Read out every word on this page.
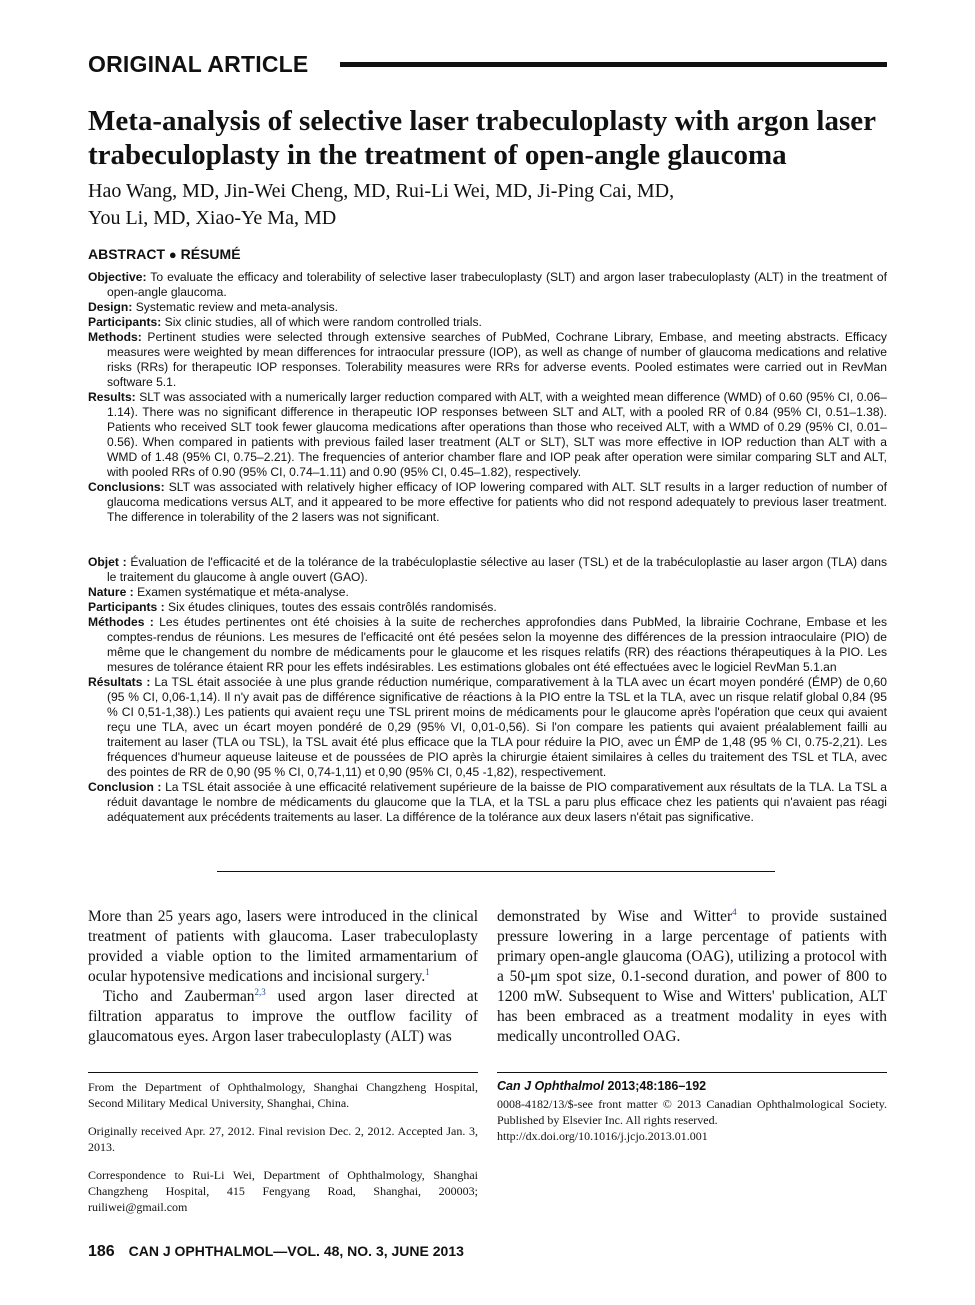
ORIGINAL ARTICLE
Meta-analysis of selective laser trabeculoplasty with argon laser trabeculoplasty in the treatment of open-angle glaucoma
Hao Wang, MD, Jin-Wei Cheng, MD, Rui-Li Wei, MD, Ji-Ping Cai, MD,
You Li, MD, Xiao-Ye Ma, MD
ABSTRACT ● RÉSUMÉ

Objective: To evaluate the efficacy and tolerability of selective laser trabeculoplasty (SLT) and argon laser trabeculoplasty (ALT) in the treatment of open-angle glaucoma.

Design: Systematic review and meta-analysis.

Participants: Six clinic studies, all of which were random controlled trials.

Methods: Pertinent studies were selected through extensive searches of PubMed, Cochrane Library, Embase, and meeting abstracts. Efficacy measures were weighted by mean differences for intraocular pressure (IOP), as well as change of number of glaucoma medications and relative risks (RRs) for therapeutic IOP responses. Tolerability measures were RRs for adverse events. Pooled estimates were carried out in RevMan software 5.1.

Results: SLT was associated with a numerically larger reduction compared with ALT, with a weighted mean difference (WMD) of 0.60 (95% CI, 0.06–1.14). There was no significant difference in therapeutic IOP responses between SLT and ALT, with a pooled RR of 0.84 (95% CI, 0.51–1.38). Patients who received SLT took fewer glaucoma medications after operations than those who received ALT, with a WMD of 0.29 (95% CI, 0.01–0.56). When compared in patients with previous failed laser treatment (ALT or SLT), SLT was more effective in IOP reduction than ALT with a WMD of 1.48 (95% CI, 0.75–2.21). The frequencies of anterior chamber flare and IOP peak after operation were similar comparing SLT and ALT, with pooled RRs of 0.90 (95% CI, 0.74–1.11) and 0.90 (95% CI, 0.45–1.82), respectively.

Conclusions: SLT was associated with relatively higher efficacy of IOP lowering compared with ALT. SLT results in a larger reduction of number of glaucoma medications versus ALT, and it appeared to be more effective for patients who did not respond adequately to previous laser treatment. The difference in tolerability of the 2 lasers was not significant.

Objet : Évaluation de l'efficacité et de la tolérance de la trabéculoplastie sélective au laser (TSL) et de la trabéculoplastie au laser argon (TLA) dans le traitement du glaucome à angle ouvert (GAO).

Nature : Examen systématique et méta-analyse.

Participants : Six études cliniques, toutes des essais contrôlés randomisés.

Méthodes : Les études pertinentes ont été choisies à la suite de recherches approfondies dans PubMed, la librairie Cochrane, Embase et les comptes-rendus de réunions. Les mesures de l'efficacité ont été pesées selon la moyenne des différences de la pression intraoculaire (PIO) de même que le changement du nombre de médicaments pour le glaucome et les risques relatifs (RR) des réactions thérapeutiques à la PIO. Les mesures de tolérance étaient RR pour les effets indésirables. Les estimations globales ont été effectuées avec le logiciel RevMan 5.1.an

Résultats : La TSL était associée à une plus grande réduction numérique, comparativement à la TLA avec un écart moyen pondéré (ÉMP) de 0,60 (95 % CI, 0,06-1,14). Il n'y avait pas de différence significative de réactions à la PIO entre la TSL et la TLA, avec un risque relatif global 0,84 (95 % CI 0,51-1,38).) Les patients qui avaient reçu une TSL prirent moins de médicaments pour le glaucome après l'opération que ceux qui avaient reçu une TLA, avec un écart moyen pondéré de 0,29 (95% VI, 0,01-0,56). Si l'on compare les patients qui avaient préalablement failli au traitement au laser (TLA ou TSL), la TSL avait été plus efficace que la TLA pour réduire la PIO, avec un ÉMP de 1,48 (95 % CI, 0.75-2,21). Les fréquences d'humeur aqueuse laiteuse et de poussées de PIO après la chirurgie étaient similaires à celles du traitement des TSL et TLA, avec des pointes de RR de 0,90 (95 % CI, 0,74-1,11) et 0,90 (95% CI, 0,45 -1,82), respectivement.

Conclusion : La TSL était associée à une efficacité relativement supérieure de la baisse de PIO comparativement aux résultats de la TLA. La TSL a réduit davantage le nombre de médicaments du glaucome que la TLA, et la TSL a paru plus efficace chez les patients qui n'avaient pas réagi adéquatement aux précédents traitements au laser. La différence de la tolérance aux deux lasers n'était pas significative.

More than 25 years ago, lasers were introduced in the clinical treatment of patients with glaucoma. Laser trabeculoplasty provided a viable option to the limited armamentarium of ocular hypotensive medications and incisional surgery.$^1$

Ticho and Zauberman$^{2,3}$ used argon laser directed at filtration apparatus to improve the outflow facility of glaucomatous eyes. Argon laser trabeculoplasty (ALT) was

demonstrated by Wise and Witter$^4$ to provide sustained pressure lowering in a large percentage of patients with primary open-angle glaucoma (OAG), utilizing a protocol with a 50-μm spot size, 0.1-second duration, and power of 800 to 1200 mW. Subsequent to Wise and Witters' publication, ALT has been embraced as a treatment modality in eyes with medically uncontrolled OAG.

From the Department of Ophthalmology, Shanghai Changzheng Hospital, Second Military Medical University, Shanghai, China.

Originally received Apr. 27, 2012. Final revision Dec. 2, 2012. Accepted Jan. 3, 2013.

Correspondence to Rui-Li Wei, Department of Ophthalmology, Shanghai Changzheng Hospital, 415 Fengyang Road, Shanghai, 200003; ruiliwei@gmail.com

Can J Ophthalmol 2013;48:186–192
0008-4182/13/$-see front matter © 2013 Canadian Ophthalmological Society. Published by Elsevier Inc. All rights reserved.
http://dx.doi.org/10.1016/j.jcjo.2013.01.001
186 CAN J OPHTHALMOL—VOL. 48, NO. 3, JUNE 2013
